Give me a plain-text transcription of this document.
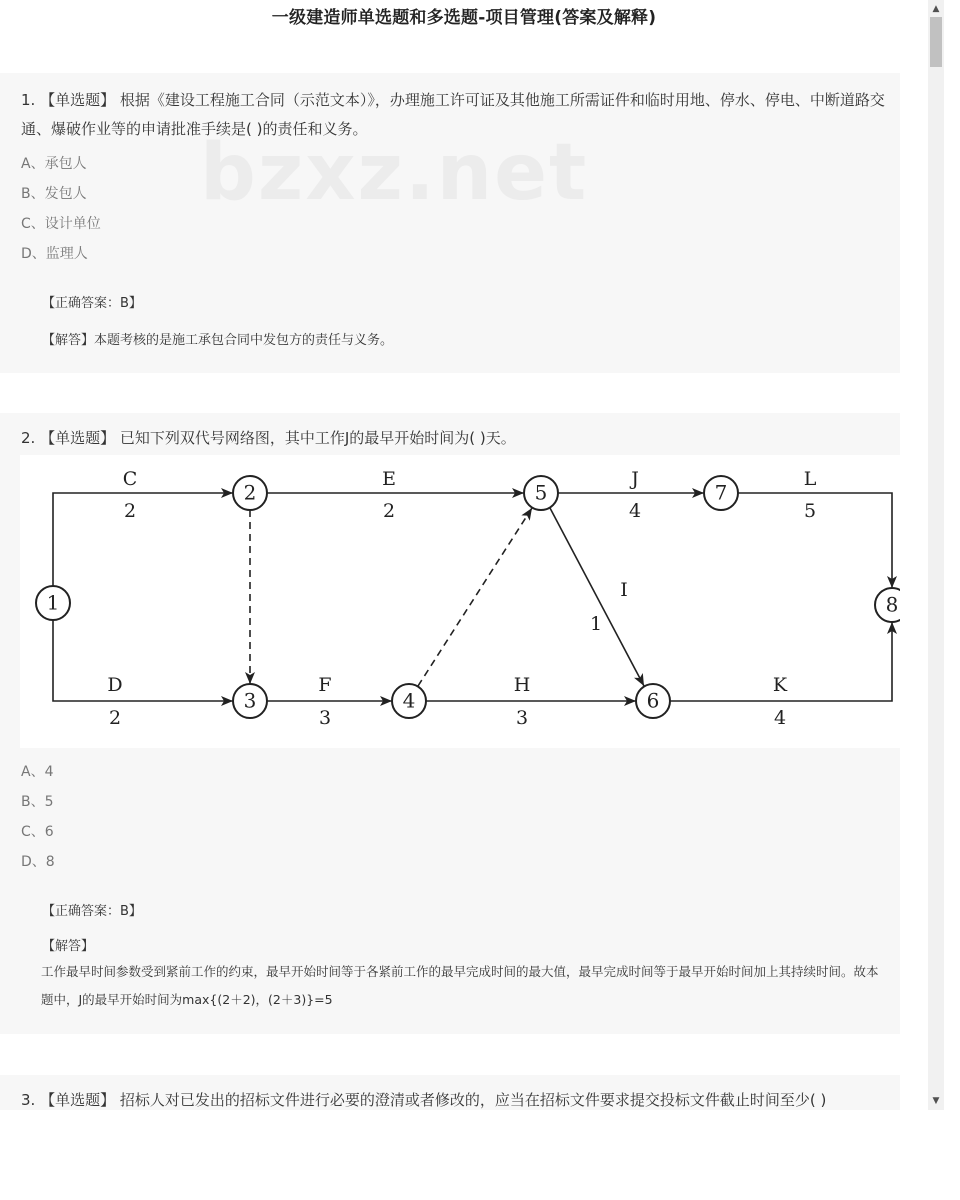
一级建造师单选题和多选题-项目管理(答案及解释)
1. 【单选题】 根据《建设工程施工合同（示范文本）》，办理施工许可证及其他施工所需证件和临时用地、停水、停电、中断道路交通、爆破作业等的申请批准手续是( )的责任和义务。
A、承包人
B、发包人
C、设计单位
D、监理人
【正确答案：B】
【解答】本题考核的是施工承包合同中发包方的责任与义务。
bzxz.net
2. 【单选题】 已知下列双代号网络图，其中工作J的最早开始时间为( )天。
A、4
B、5
C、6
D、8
【正确答案：B】
【解答】
工作最早时间参数受到紧前工作的约束，最早开始时间等于各紧前工作的最早完成时间的最大值，最早完成时间等于最早开始时间加上其持续时间。故本题中，J的最早开始时间为max{(2＋2)，(2＋3)}=5
1
2
3	4
5
6
7
8
C
2
D
2
E
2
F
3
H
3
J
4
I
1
L
5
K
4
3. 【单选题】 招标人对已发出的招标文件进行必要的澄清或者修改的，应当在招标文件要求提交投标文件截止时间至少( )
▲
▼
